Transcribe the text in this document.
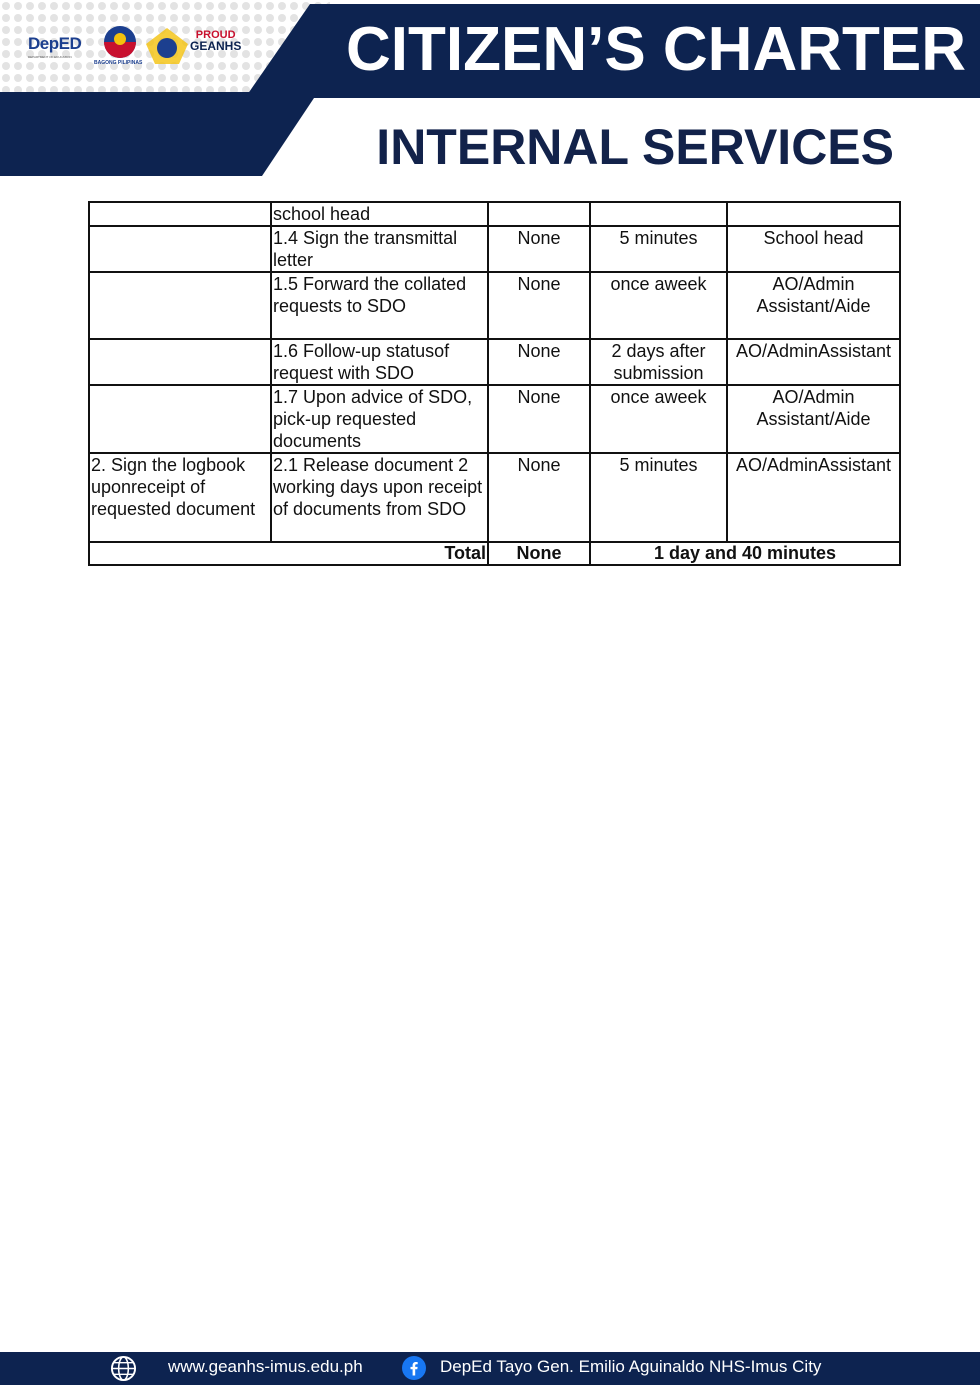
DepED
DEPARTMENT OF EDUCATION
BAGONG PILIPINAS
PROUD
GEANHS CITIZEN’S CHARTER
INTERNAL SERVICES
	school head			
	1.4 Sign the transmittal letter	None	5 minutes	School head
	1.5 Forward the collated requests to SDO	None	once aweek	AO/Admin Assistant/Aide
	1.6 Follow-up statusof request with SDO	None	2 days after submission	AO/AdminAssistant
	1.7 Upon advice of SDO, pick-up requested documents	None	once aweek	AO/Admin Assistant/Aide
2. Sign the logbook uponreceipt of requested document	2.1 Release document 2 working days upon receipt of documents from SDO	None	5 minutes	AO/AdminAssistant
Total		None	1 day and 40 minutes	
www.geanhs-imus.edu.ph	DepEd Tayo Gen. Emilio Aguinaldo NHS-Imus City
